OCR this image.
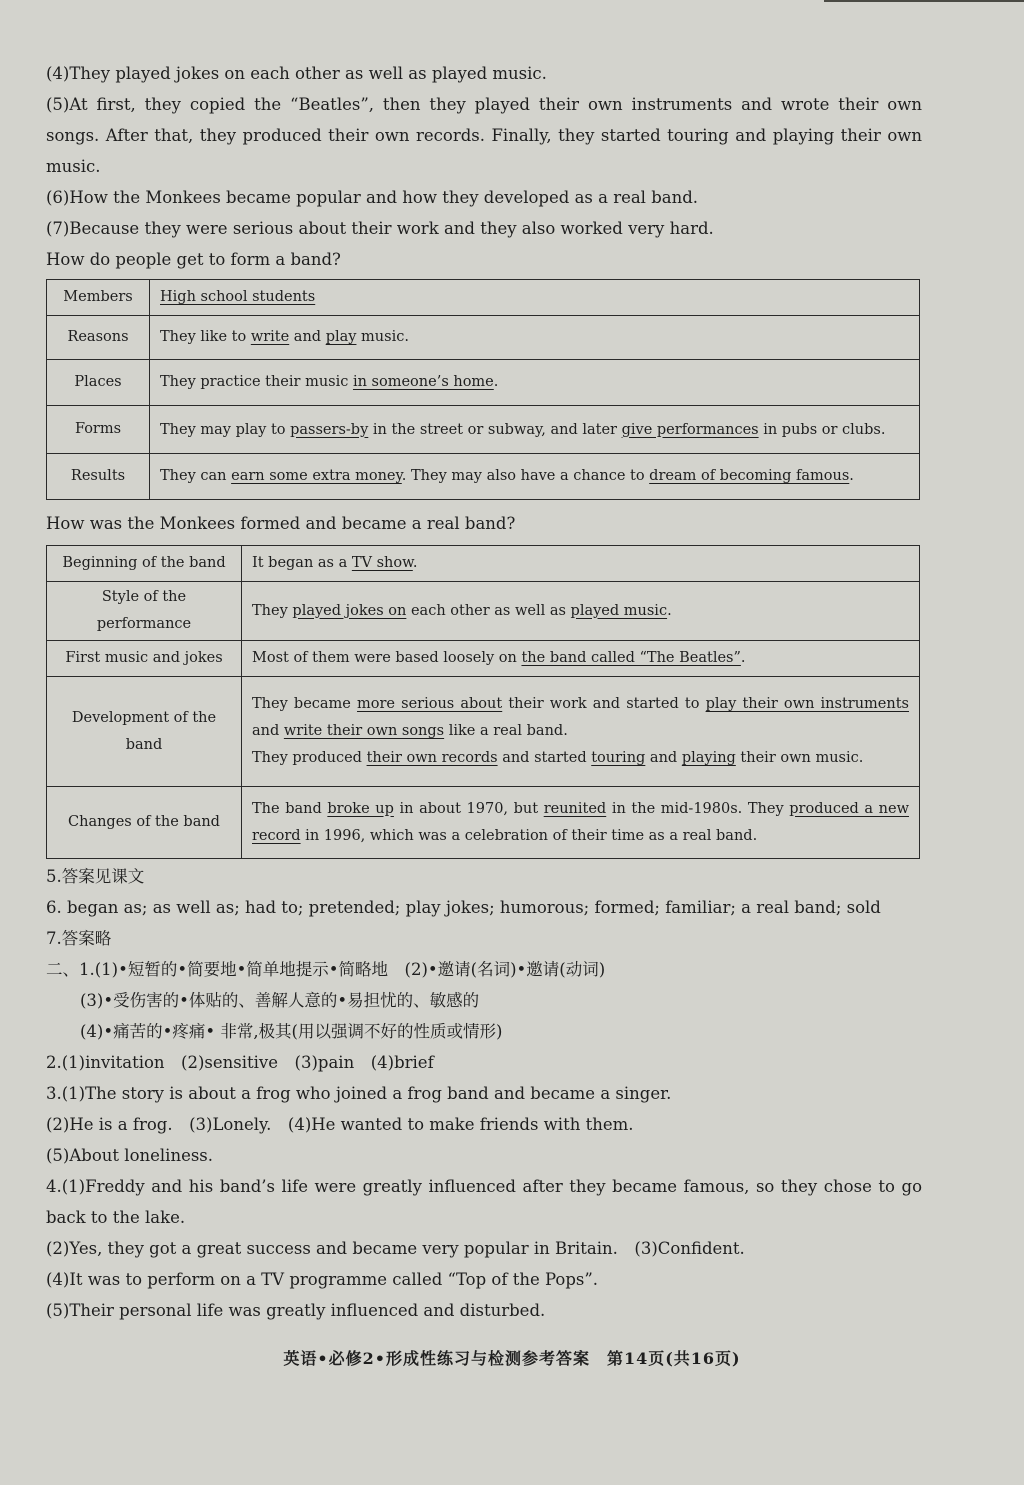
(4)They played jokes on each other as well as played music.
(5)At first, they copied the “Beatles”, then they played their own instruments and wrote their own songs. After that, they produced their own records. Finally, they started touring and playing their own music.
(6)How the Monkees became popular and how they developed as a real band.
(7)Because they were serious about their work and they also worked very hard.
How do people get to form a band?
Members	High school students
Reasons	They like to write and play music.
Places	They practice their music in someone’s home.
Forms	They may play to passers-by in the street or subway, and later give performances in pubs or clubs.
Results	They can earn some extra money. They may also have a chance to dream of becoming famous.
How was the Monkees formed and became a real band?
Beginning of the band	It began as a TV show.
Style of the performance	They played jokes on each other as well as played music.
First music and jokes	Most of them were based loosely on the band called “The Beatles”.
Development of the band	They became more serious about their work and started to play their own instruments and write their own songs like a real band.
They produced their own records and started touring and playing their own music.
Changes of the band	The band broke up in about 1970, but reunited in the mid-1980s. They produced a new record in 1996, which was a celebration of their time as a real band.
5.答案见课文
6. began as; as well as; had to; pretended; play jokes; humorous; formed; familiar; a real band; sold
7.答案略
二、1.(1)•短暂的•简要地•简单地提示•简略地　(2)•邀请(名词)•邀请(动词)
(3)•受伤害的•体贴的、善解人意的•易担忧的、敏感的
(4)•痛苦的•疼痛• 非常,极其(用以强调不好的性质或情形)
2.(1)invitation　(2)sensitive　(3)pain　(4)brief
3.(1)The story is about a frog who joined a frog band and became a singer.
(2)He is a frog.　(3)Lonely.　(4)He wanted to make friends with them.
(5)About loneliness.
4.(1)Freddy and his band’s life were greatly influenced after they became famous, so they chose to go back to the lake.
(2)Yes, they got a great success and became very popular in Britain.　(3)Confident.
(4)It was to perform on a TV programme called “Top of the Pops”.
(5)Their personal life was greatly influenced and disturbed.
英语•必修2•形成性练习与检测参考答案　第14页(共16页)
